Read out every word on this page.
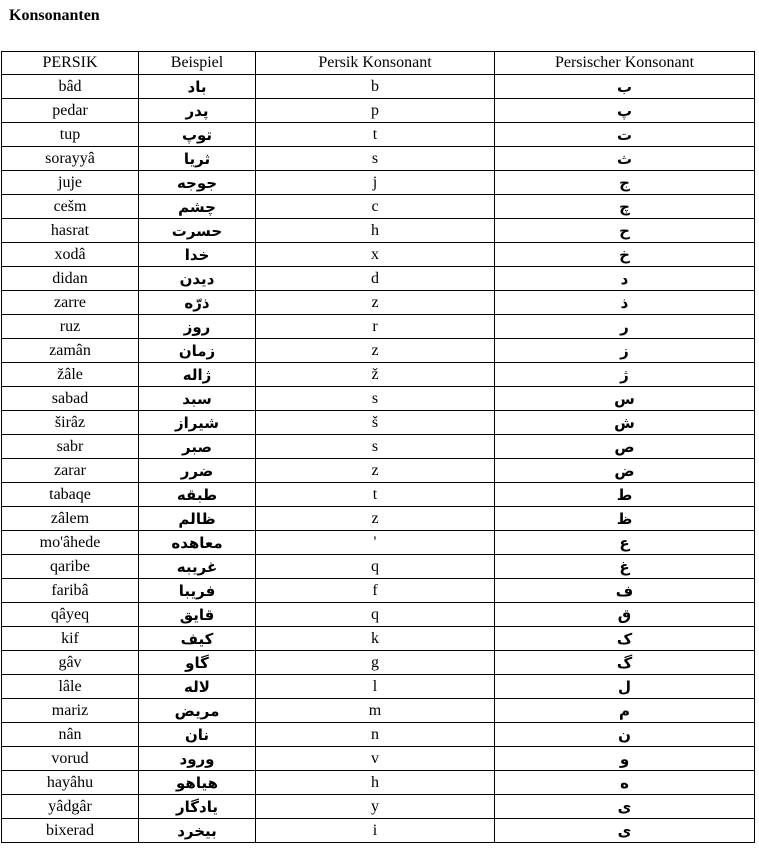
Konsonanten
PERSIK	Beispiel	Persik Konsonant	Persischer Konsonant
bâd	باد	b	ب
pedar	پدر	p	پ
tup	توپ	t	ت
sorayyâ	ثریا	s	ث
juje	جوجه	j	ج
cešm	چشم	c	چ
hasrat	حسرت	h	ح
xodâ	خدا	x	خ
didan	دیدن	d	د
zarre	ذرّه	z	ذ
ruz	روز	r	ر
zamân	زمان	z	ز
žâle	ژاله	ž	ژ
sabad	سبد	s	س
širâz	شیراز	š	ش
sabr	صبر	s	ص
zarar	ضرر	z	ض
tabaqe	طبقه	t	ط
zâlem	ظالم	z	ظ
mo'âhede	معاهده	'	ع
qaribe	غریبه	q	غ
faribâ	فریبا	f	ف
qâyeq	قایق	q	ق
kif	کیف	k	ک
gâv	گاو	g	گ
lâle	لاله	l	ل
mariz	مریض	m	م
nân	نان	n	ن
vorud	ورود	v	و
hayâhu	هیاهو	h	ه
yâdgâr	یادگار	y	ی
bixerad	بیخرد	i	ی
